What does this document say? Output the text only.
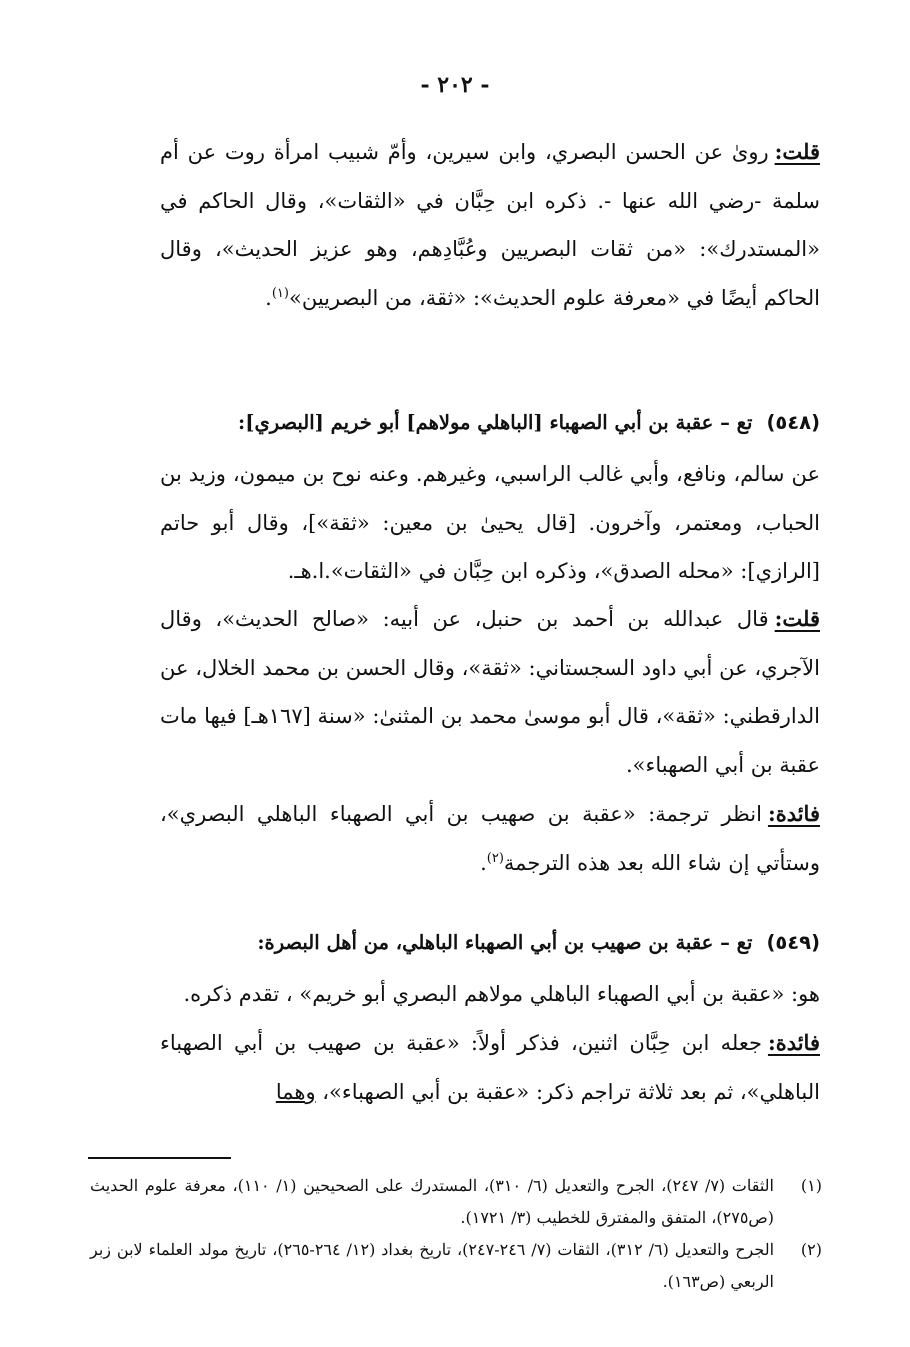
- ٢٠٢ -
قلت:روىٰ عن الحسن البصري، وابن سيرين، وأمّ شبيب امرأة روت عن أم سلمة -رضي الله عنها -. ذكره ابن حِبَّان في «الثقات»، وقال الحاكم في «المستدرك»: «من ثقات البصريين وعُبَّادِهم، وهو عزيز الحديث»، وقال الحاكم أيضًا في «معرفة علوم الحديث»: «ثقة، من البصريين»$^{(١)}$.
(٥٤٨)تع – عقبة بن أبي الصهباء [الباهلي مولاهم] أبو خريم [البصري]:
عن سالم، ونافع، وأبي غالب الراسبي، وغيرهم. وعنه نوح بن ميمون، وزيد بن الحباب، ومعتمر، وآخرون. [قال يحيىٰ بن معين: «ثقة»]، وقال أبو حاتم [الرازي]: «محله الصدق»، وذكره ابن حِبَّان في «الثقات».ا.هـ.
قلت:قال عبدالله بن أحمد بن حنبل، عن أبيه: «صالح الحديث»، وقال الآجري، عن أبي داود السجستاني: «ثقة»، وقال الحسن بن محمد الخلال، عن الدارقطني: «ثقة»، قال أبو موسىٰ محمد بن المثنىٰ: «سنة [١٦٧هـ] فيها مات عقبة بن أبي الصهباء».
فائدة:انظر ترجمة: «عقبة بن صهيب بن أبي الصهباء الباهلي البصري»، وستأتي إن شاء الله بعد هذه الترجمة$^{(٢)}$.
(٥٤٩)تع – عقبة بن صهيب بن أبي الصهباء الباهلي، من أهل البصرة:
هو: «عقبة بن أبي الصهباء الباهلي مولاهم البصري أبو خريم» ، تقدم ذكره.
فائدة:جعله ابن حِبَّان اثنين، فذكر أولاً: «عقبة بن صهيب بن أبي الصهباء الباهلي»، ثم بعد ثلاثة تراجم ذكر: «عقبة بن أبي الصهباء»، وهما
(١)
الثقات (٧/ ٢٤٧)، الجرح والتعديل (٦/ ٣١٠)، المستدرك على الصحيحين (١/ ١١٠)، معرفة علوم الحديث (ص٢٧٥)، المتفق والمفترق للخطيب (٣/ ١٧٢١).
(٢)
الجرح والتعديل (٦/ ٣١٢)، الثقات (٧/ ٢٤٦-٢٤٧)، تاريخ بغداد (١٢/ ٢٦٤-٢٦٥)، تاريخ مولد العلماء لابن زبر الربعي (ص١٦٣).
